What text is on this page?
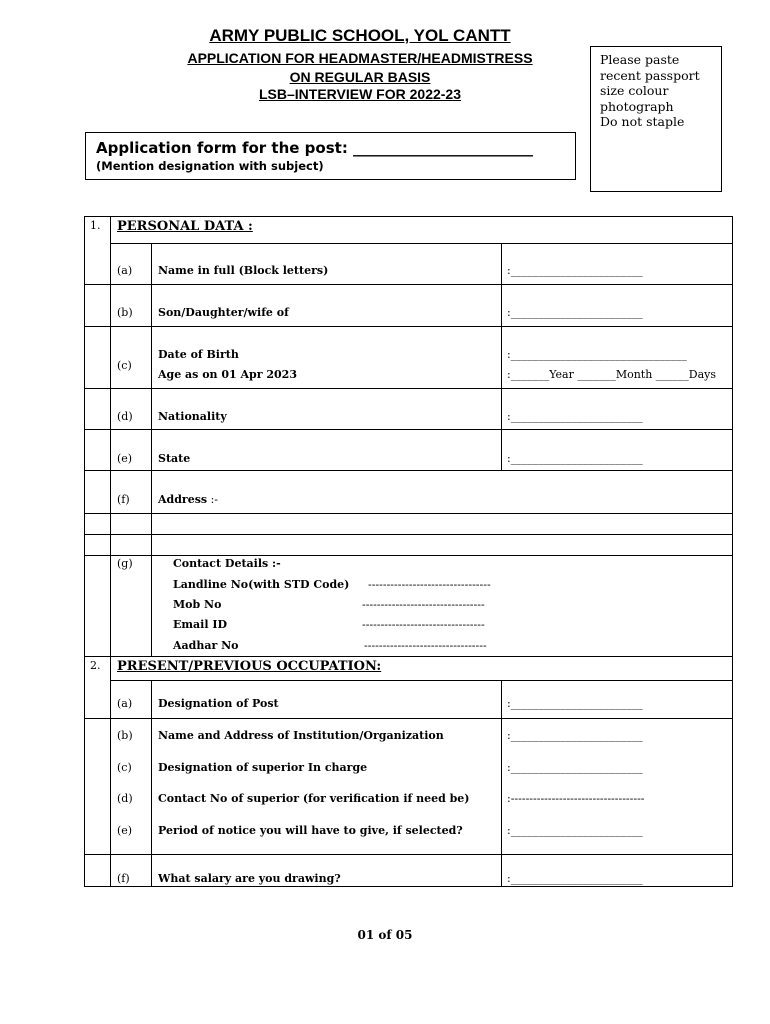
ARMY PUBLIC SCHOOL, YOL CANTT
APPLICATION FOR HEADMASTER/HEADMISTRESS
ON REGULAR BASIS
LSB–INTERVIEW FOR 2022-23
Please paste
recent passport
size colour
photograph
Do not staple
Application form for the post: ________________________
(Mention designation with subject)
1. PERSONAL DATA :
(a) Name in full (Block letters)	:________________________
(b) Son/Daughter/wife of	:________________________
(c)
Date of Birth	:________________________________
Age as on 01 Apr 2023	:_______Year _______Month ______Days
(d) Nationality	:________________________
(e) State	:________________________
(f)	Address :-
(g)	Contact Details :-
Landline No(with STD Code) ---------------------------------
Mob No	---------------------------------
Email ID	---------------------------------
Aadhar No	---------------------------------
2. PRESENT/PREVIOUS OCCUPATION:
(a) Designation of Post	:________________________
(b) Name and Address of Institution/Organization	:________________________
(c) Designation of superior In charge	:________________________
(d) Contact No of superior (for verification if need be)	:------------------------------------
(e) Period of notice you will have to give, if selected?	:________________________
(f)	What salary are you drawing?	:________________________
01 of 05
